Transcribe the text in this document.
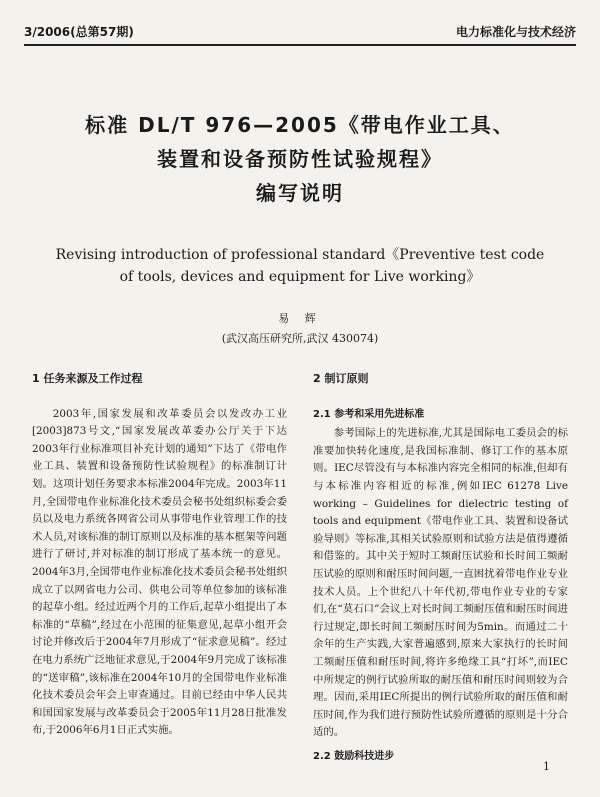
3/2006(总第57期)	电力标准化与技术经济
标准 DL/T 976—2005《带电作业工具、
装置和设备预防性试验规程》
编写说明
Revising introduction of professional standard《Preventive test code
of tools, devices and equipment for Live working》
易 辉
(武汉高压研究所,武汉 430074)
1 任务来源及工作过程

2003年,国家发展和改革委员会以发改办工业[2003]873号文,“国家发展改革委办公厅关于下达2003年行业标准项目补充计划的通知”下达了《带电作业工具、装置和设备预防性试验规程》的标准制订计划。这项计划任务要求本标准2004年完成。2003年11月,全国带电作业标准化技术委员会秘书处组织标委会委员以及电力系统各网省公司从事带电作业管理工作的技术人员,对该标准的制订原则以及标准的基本框架等问题进行了研讨,并对标准的制订形成了基本统一的意见。2004年3月,全国带电作业标准化技术委员会秘书处组织成立了以网省电力公司、供电公司等单位参加的该标准的起草小组。经过近两个月的工作后,起草小组提出了本标准的“草稿”,经过在小范围的征集意见,起草小组开会讨论并修改后于2004年7月形成了“征求意见稿”。经过在电力系统广泛地征求意见,于2004年9月完成了该标准的“送审稿”,该标准在2004年10月的全国带电作业标准化技术委员会年会上审查通过。目前已经由中华人民共和国国家发展与改革委员会于2005年11月28日批准发布,于2006年6月1日正式实施。

2 制订原则
2.1 参考和采用先进标准

参考国际上的先进标准,尤其是国际电工委员会的标准要加快转化速度,是我国标准制、修订工作的基本原则。IEC尽管没有与本标准内容完全相同的标准,但却有与本标准内容相近的标准,例如IEC 61278 Live working – Guidelines for dielectric testing of tools and equipment《带电作业工具、装置和设备试验导则》等标准,其相关试验原则和试验方法是值得遵循和借鉴的。其中关于短时工频耐压试验和长时间工频耐压试验的原则和耐压时间问题,一直困扰着带电作业专业技术人员。上个世纪八十年代初,带电作业专业的专家们,在“莫石口”会议上对长时间工频耐压值和耐压时间进行过规定,即长时间工频耐压时间为5min。而通过二十余年的生产实践,大家普遍感到,原来大家执行的长时间工频耐压值和耐压时间,将许多绝缘工具“打坏”,而IEC中所规定的例行试验所取的耐压值和耐压时间则较为合理。因而,采用IEC所提出的例行试验所取的耐压值和耐压时间,作为我们进行预防性试验所遵循的原则是十分合适的。

2.2 鼓励科技进步
1
